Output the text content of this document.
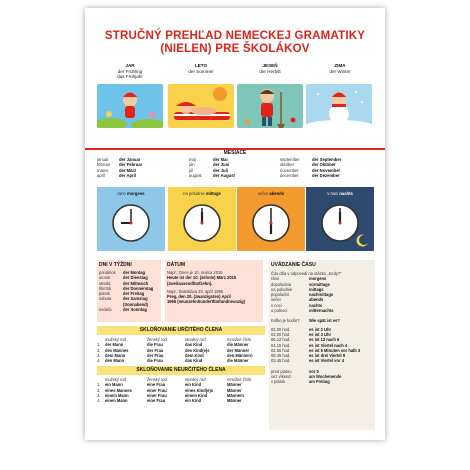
STRUČNÝ PREHĽAD NEMECKEJ GRAMATIKY
(NIELEN) PRE ŠKOLÁKOV
JAR
der Frühling
das Frühjahr
LETO
der Sommer
JESEŇ
der Herbst
ZIMA
der Winter
MESIACE
január der Januar	máj	der Mai	september	der September
február der Februar	jún	der Juni	október	der Oktober
marec der März	júl	der Juli	november	der November
apríl	der April	august	der August	december	der Dezember
ráno morgens	na poludnie mittags	večer abends	v noci nachts
DNI V TÝŽDNI
pondelok der Montag
utorok	der Dienstag
streda	der Mittwoch
štvrtok	der Donnerstag
piatok	der Freitag
sobota	der Samstag
(Sonnabend)
nedeľa	der Sonntag
DÁTUM
Napr.: Dnes je 10. marca 2015
Heute ist der 10. (zehnte) März 2015
(zweitausendfünfzehn).
Napr.: Bratislava 20. apríl 1995
Preg, den 20. (zwanzigsten) April
1995 (neunzehnhundertfünfundneunzig)
UVÁDZANIE ČASU
Čas dňa v odpovedi na otázku „Kedy?“
ráno	morgens
dopoludnia	vormittags
na poludnie	mittags
popoludní	nachmittags
večer	abends
v noci	nachts
o polnoci	mitternachts
Koľko je hodín? Wie spät ist es?
02.00 hod.	es ist 2 Uhr
03.00 hod.	es ist 3 Uhr
06.12 hod.	es ist 12 nach 6
04.15 hod.	es ist Viertel nach 4
02.55 hod.	es ist 5 Minuten vor halb 3
08.45 hod.	es ist drei Viertel 9
03.45 hod.	es ist Viertel vor 4
pred piatou	vor 5
cez víkend	am Wochenende
v piatok	am Freitag
SKLOŇOVANIE URČITÉHO ČLENA
mužský rod	ženský rod	stredný rod	množné číslo
1. der Mann	die Frau	das Kind	die Männer
2. des Mannes	der Frau	des Kind(e)s	der Männer
3. dem Mann	der Frau	dem Kind	den Männern
4. den Mann	die Frau	das Kind	die Männer
SKLOŇOVANIE NEURČITÉHO ČLENA
mužský rod	ženský rod	stredný rod	množné číslo
1. ein Mann	eine Frau	ein Kind	Männer
2. eines Mannes	einer Frau	eines Kind(e)s	Männer
3. einem Mann	einer Frau	einem Kind	Männern
4. einen Mann	eine Frau	ein Kind	Männer
